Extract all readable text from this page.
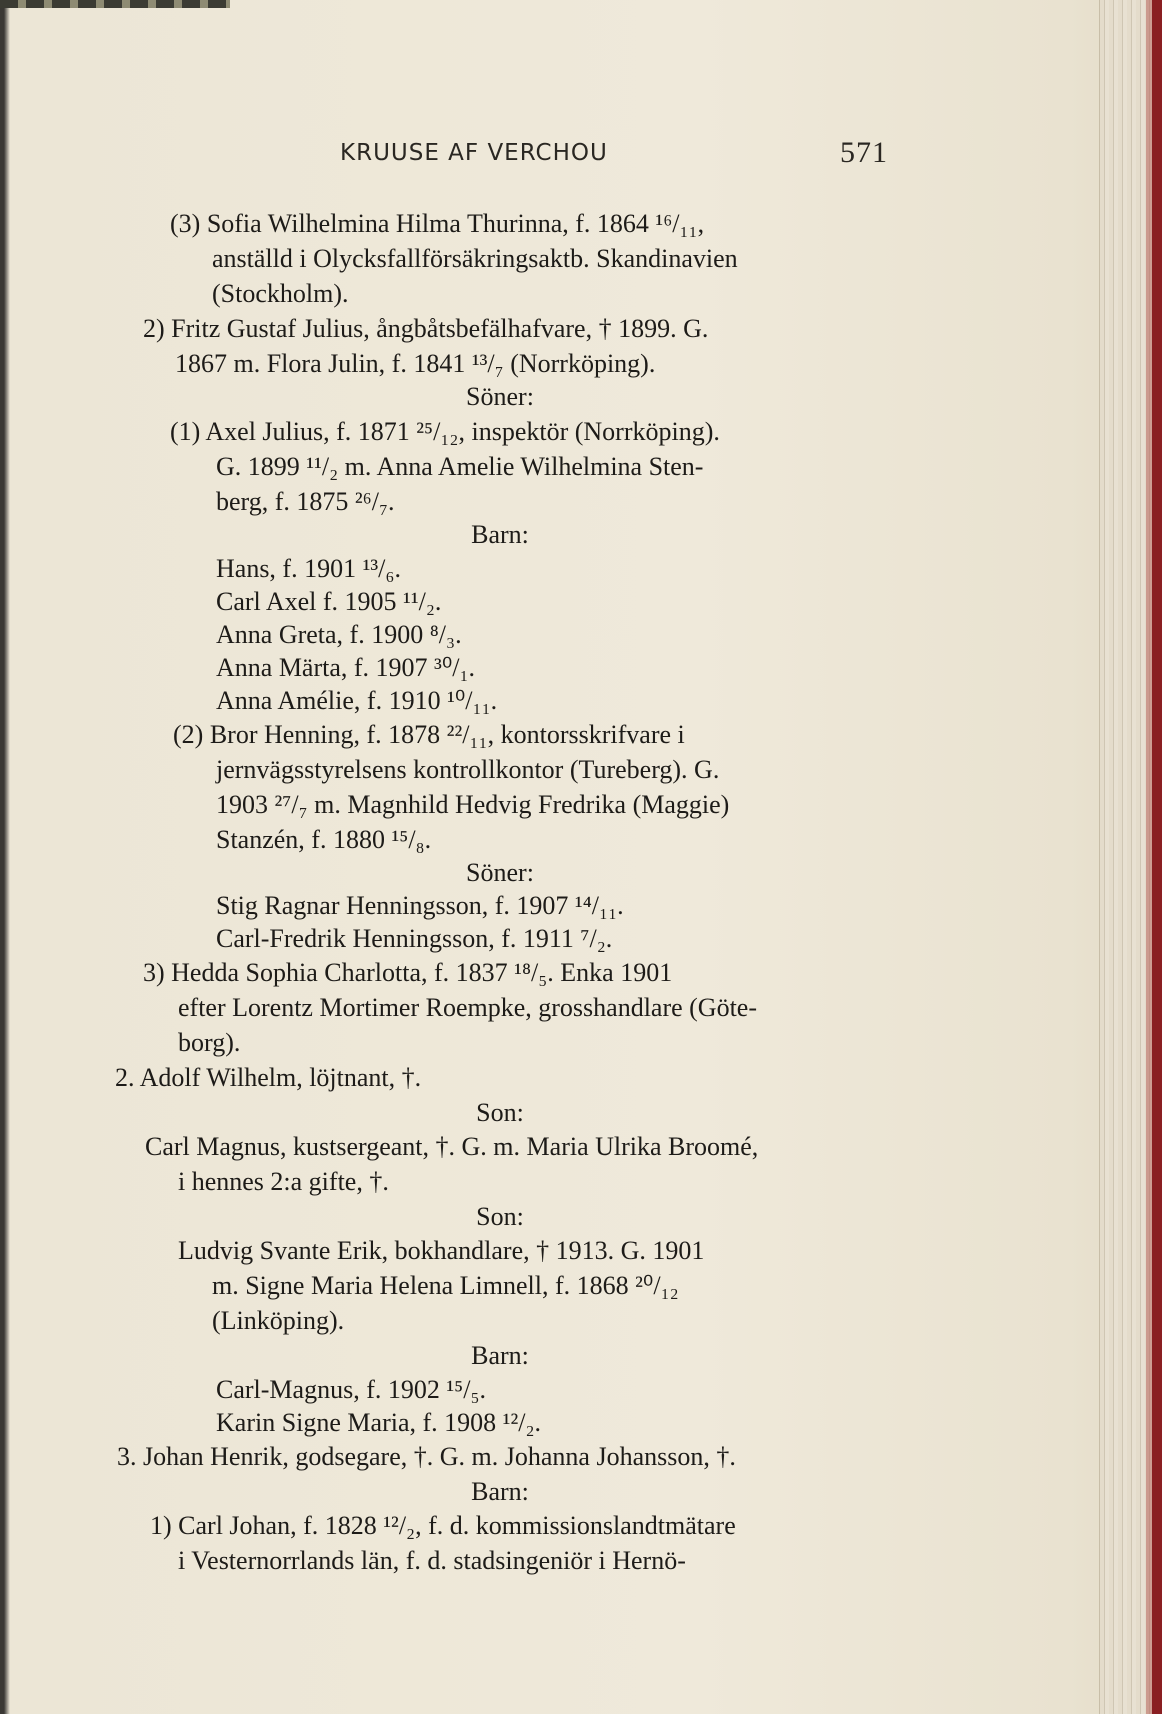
KRUUSE AF VERCHOU	571
(3) Sofia Wilhelmina Hilma Thurinna, f. 1864 ¹⁶/₁₁,
anställd i Olycksfallförsäkringsaktb. Skandinavien
(Stockholm).
2) Fritz Gustaf Julius, ångbåtsbefälhafvare, † 1899. G.
1867 m. Flora Julin, f. 1841 ¹³/₇ (Norrköping).
(1) Axel Julius, f. 1871 ²⁵/₁₂, inspektör (Norrköping).
G. 1899 ¹¹/₂ m. Anna Amelie Wilhelmina Sten-
berg, f. 1875 ²⁶/₇.
Hans, f. 1901 ¹³/₆.
Carl Axel f. 1905 ¹¹/₂.
Anna Greta, f. 1900 ⁸/₃.
Anna Märta, f. 1907 ³⁰/₁.
Anna Amélie, f. 1910 ¹⁰/₁₁.
(2) Bror Henning, f. 1878 ²²/₁₁, kontorsskrifvare i
jernvägsstyrelsens kontrollkontor (Tureberg). G.
1903 ²⁷/₇ m. Magnhild Hedvig Fredrika (Maggie)
Stanzén, f. 1880 ¹⁵/₈.
Stig Ragnar Henningsson, f. 1907 ¹⁴/₁₁.
Carl-Fredrik Henningsson, f. 1911 ⁷/₂.
3) Hedda Sophia Charlotta, f. 1837 ¹⁸/₅. Enka 1901
efter Lorentz Mortimer Roempke, grosshandlare (Göte-
borg).
2. Adolf Wilhelm, löjtnant, †.
Carl Magnus, kustsergeant, †. G. m. Maria Ulrika Broomé,
i hennes 2:a gifte, †.
Ludvig Svante Erik, bokhandlare, † 1913. G. 1901
m. Signe Maria Helena Limnell, f. 1868 ²⁰/₁₂
(Linköping).
Carl-Magnus, f. 1902 ¹⁵/₅.
Karin Signe Maria, f. 1908 ¹²/₂.
3. Johan Henrik, godsegare, †. G. m. Johanna Johansson, †.
1) Carl Johan, f. 1828 ¹²/₂, f. d. kommissionslandtmätare
i Vesternorrlands län, f. d. stadsingeniör i Hernö-
Söner:
Barn:
Söner:
Son:
Son:
Barn:
Barn:
